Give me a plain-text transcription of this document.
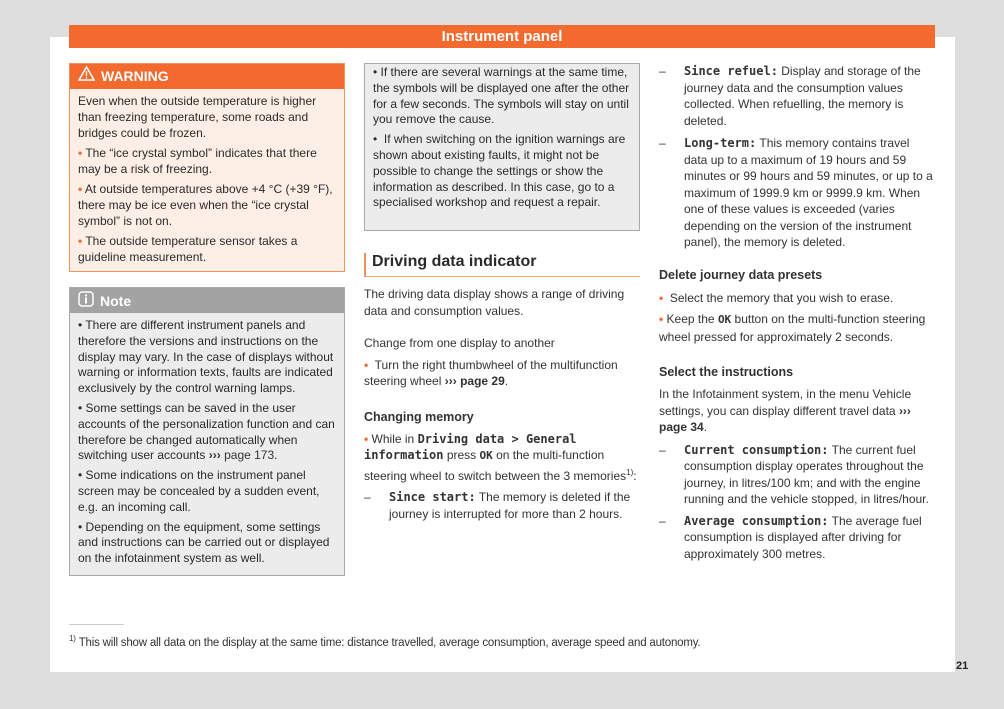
Instrument panel
WARNING

Even when the outside temperature is higher than freezing temperature, some roads and bridges could be frozen.

• The “ice crystal symbol” indicates that there may be a risk of freezing.

• At outside temperatures above +4 °C (+39 °F), there may be ice even when the “ice crystal symbol” is not on.

• The outside temperature sensor takes a guideline measurement.

Note

• There are different instrument panels and therefore the versions and instructions on the display may vary. In the case of displays without warning or information texts, faults are indicated exclusively by the control warning lamps.

• Some settings can be saved in the user accounts of the personalization function and can therefore be changed automatically when switching user accounts ››› page 173.

• Some indications on the instrument panel screen may be concealed by a sudden event, e.g. an incoming call.

• Depending on the equipment, some settings and instructions can be carried out or displayed on the infotainment system as well.

• If there are several warnings at the same time, the symbols will be displayed one after the other for a few seconds. The symbols will stay on until you remove the cause.

•  If when switching on the ignition warnings are shown about existing faults, it might not be possible to change the settings or show the information as described. In this case, go to a specialised workshop and request a repair.

Driving data indicator

The driving data display shows a range of driving data and consumption values.

Change from one display to another

• Turn the right thumbwheel of the multifunction steering wheel ››› page 29.

Changing memory

• While in Driving data > General information press OK on the multi-function steering wheel to switch between the 3 memories$^{1)}$:

–	Since start: The memory is deleted if the journey is interrupted for more than 2 hours.
–	Since refuel: Display and storage of the journey data and the consumption values collected. When refuelling, the memory is deleted.
–	Long-term: This memory contains travel data up to a maximum of 19 hours and 59 minutes or 99 hours and 59 minutes, or up to a maximum of 1999.9 km or 9999.9 km. When one of these values is exceeded (varies depending on the version of the instrument panel), the memory is deleted.

Delete journey data presets

• Select the memory that you wish to erase.

• Keep the OK button on the multi-function steering wheel pressed for approximately 2 seconds.

Select the instructions

In the Infotainment system, in the menu Vehicle settings, you can display different travel data ››› page 34.

–	Current consumption: The current fuel consumption display operates throughout the journey, in litres/100 km; and with the engine running and the vehicle stopped, in litres/hour.
–	Average consumption: The average fuel consumption is displayed after driving for approximately 300 metres.
$^{1)}$ This will show all data on the display at the same time: distance travelled, average consumption, average speed and autonomy.
21
